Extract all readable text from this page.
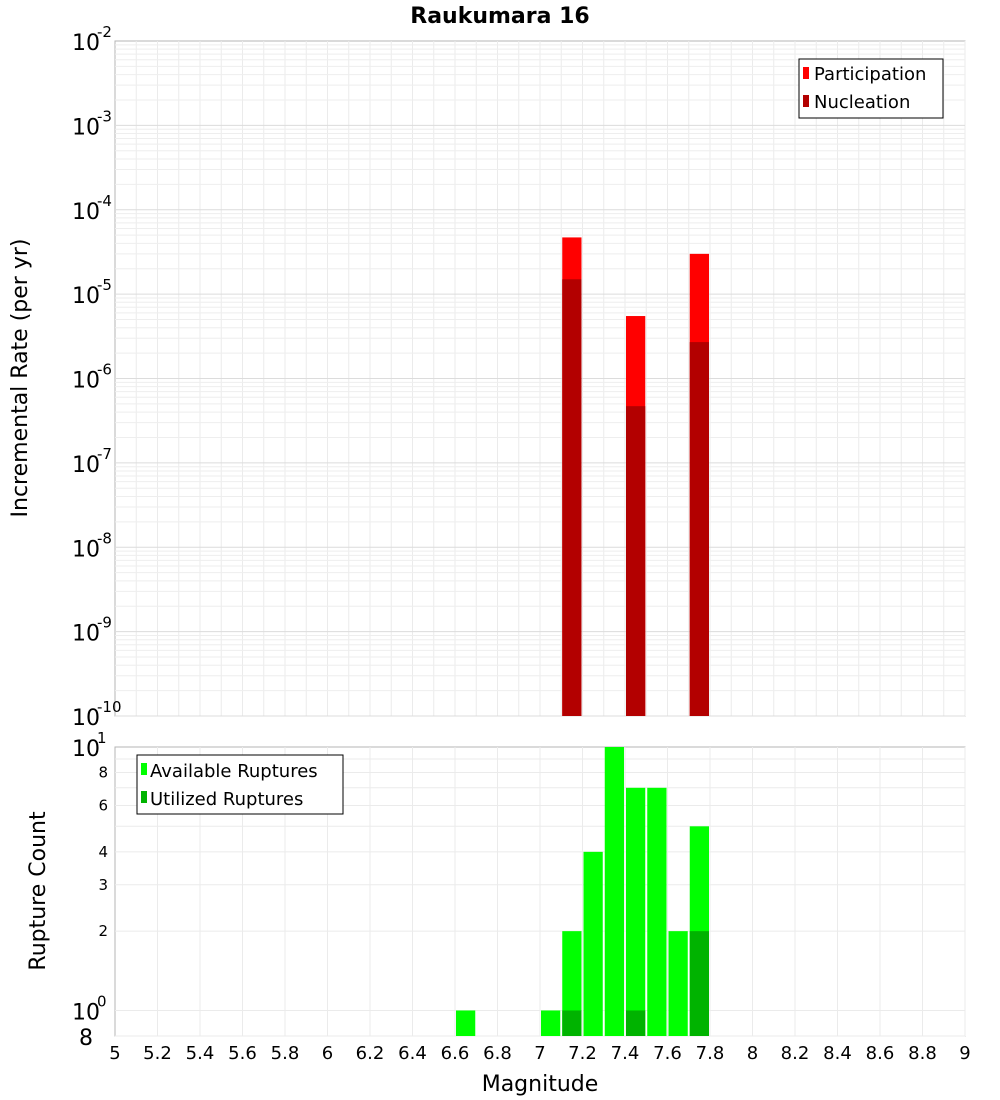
Raukumara 16
10
-10
10
-9
10
-8
10
-7
10
-6
10
-5
10
-4
10
-3
10
-2
Incremental Rate (per yr)
Participation
Nucleation
10
0
10
1
8
2
3
4
6
8
5 5.2 5.4 5.6 5.8 6 6.2 6.4 6.6 6.8 7 7.2 7.4 7.6 7.8 8 8.2 8.4 8.6 8.8 9
Rupture Count
Magnitude
Available Ruptures
Utilized Ruptures
